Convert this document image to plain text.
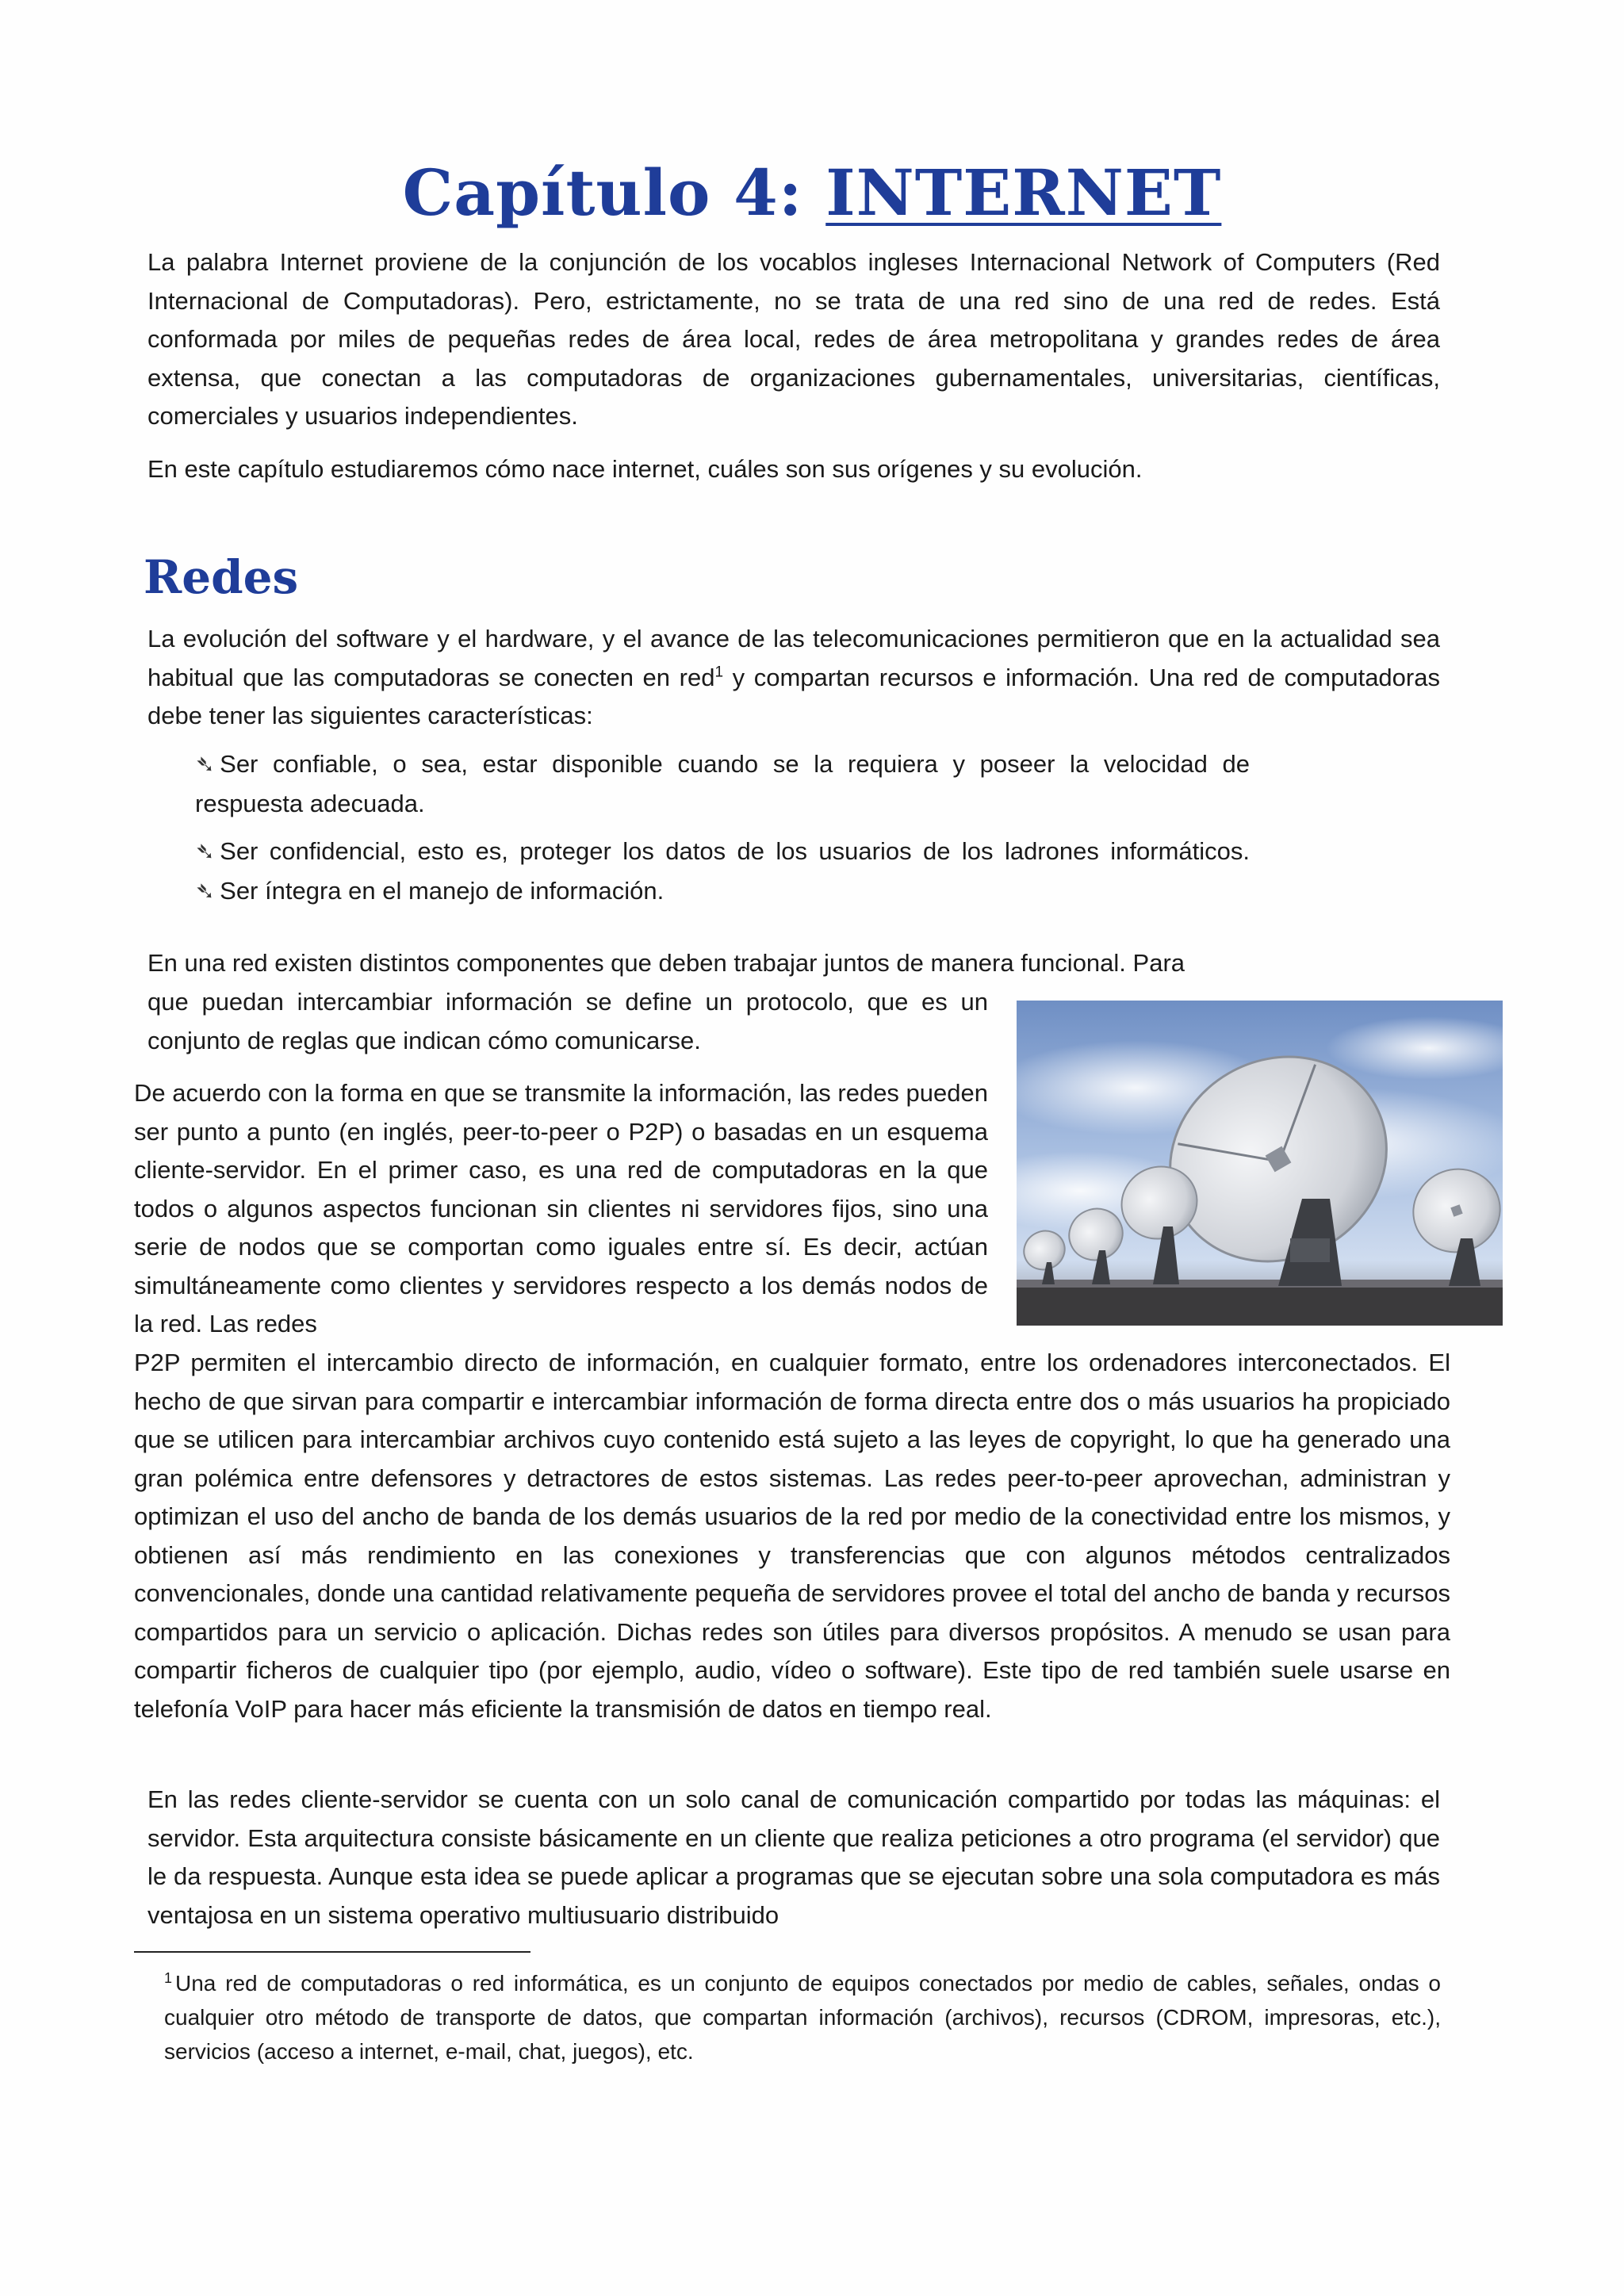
Capítulo 4: INTERNET

La palabra Internet proviene de la conjunción de los vocablos ingleses Internacional Network of Computers (Red Internacional de Computadoras). Pero, estrictamente, no se trata de una red sino de una red de redes. Está conformada por miles de pequeñas redes de área local, redes de área metropolitana y grandes redes de área extensa, que conectan a las computadoras de organizaciones gubernamentales, universitarias, científicas, comerciales y usuarios independientes.

En este capítulo estudiaremos cómo nace internet, cuáles son sus orígenes y su evolución.

Redes

La evolución del software y el hardware, y el avance de las telecomunicaciones permitieron que en la actualidad sea habitual que las computadoras se conecten en red$^1$ y compartan recursos e información. Una red de computadoras debe tener las siguientes características:

➴ Ser confiable, o sea, estar disponible cuando se la requiera y poseer la velocidad de respuesta adecuada.

➴ Ser confidencial, esto es, proteger los datos de los usuarios de los ladrones informáticos. ➴ Ser íntegra en el manejo de información.

En una red existen distintos componentes que deben trabajar juntos de manera funcional. Para

que puedan intercambiar información se define un protocolo, que es un conjunto de reglas que indican cómo comunicarse.

De acuerdo con la forma en que se transmite la información, las redes pueden ser punto a punto (en inglés, peer-to-peer o P2P) o basadas en un esquema cliente-servidor. En el primer caso, es una red de computadoras en la que todos o algunos aspectos funcionan sin clientes ni servidores fijos, sino una serie de nodos que se comportan como iguales entre sí. Es decir, actúan simultáneamente como clientes y servidores respecto a los demás nodos de la red. Las redes

P2P permiten el intercambio directo de información, en cualquier formato, entre los ordenadores interconectados. El hecho de que sirvan para compartir e intercambiar información de forma directa entre dos o más usuarios ha propiciado que se utilicen para intercambiar archivos cuyo contenido está sujeto a las leyes de copyright, lo que ha generado una gran polémica entre defensores y detractores de estos sistemas. Las redes peer-to-peer aprovechan, administran y optimizan el uso del ancho de banda de los demás usuarios de la red por medio de la conectividad entre los mismos, y obtienen así más rendimiento en las conexiones y transferencias que con algunos métodos centralizados convencionales, donde una cantidad relativamente pequeña de servidores provee el total del ancho de banda y recursos compartidos para un servicio o aplicación. Dichas redes son útiles para diversos propósitos. A menudo se usan para compartir ficheros de cualquier tipo (por ejemplo, audio, vídeo o software). Este tipo de red también suele usarse en telefonía VoIP para hacer más eficiente la transmisión de datos en tiempo real.

En las redes cliente-servidor se cuenta con un solo canal de comunicación compartido por todas las máquinas: el servidor. Esta arquitectura consiste básicamente en un cliente que realiza peticiones a otro programa (el servidor) que le da respuesta. Aunque esta idea se puede aplicar a programas que se ejecutan sobre una sola computadora es más ventajosa en un sistema operativo multiusuario distribuido

$^1$ Una red de computadoras o red informática, es un conjunto de equipos conectados por medio de cables, señales, ondas o cualquier otro método de transporte de datos, que compartan información (archivos), recursos (CDROM, impresoras, etc.), servicios (acceso a internet, e-mail, chat, juegos), etc.
